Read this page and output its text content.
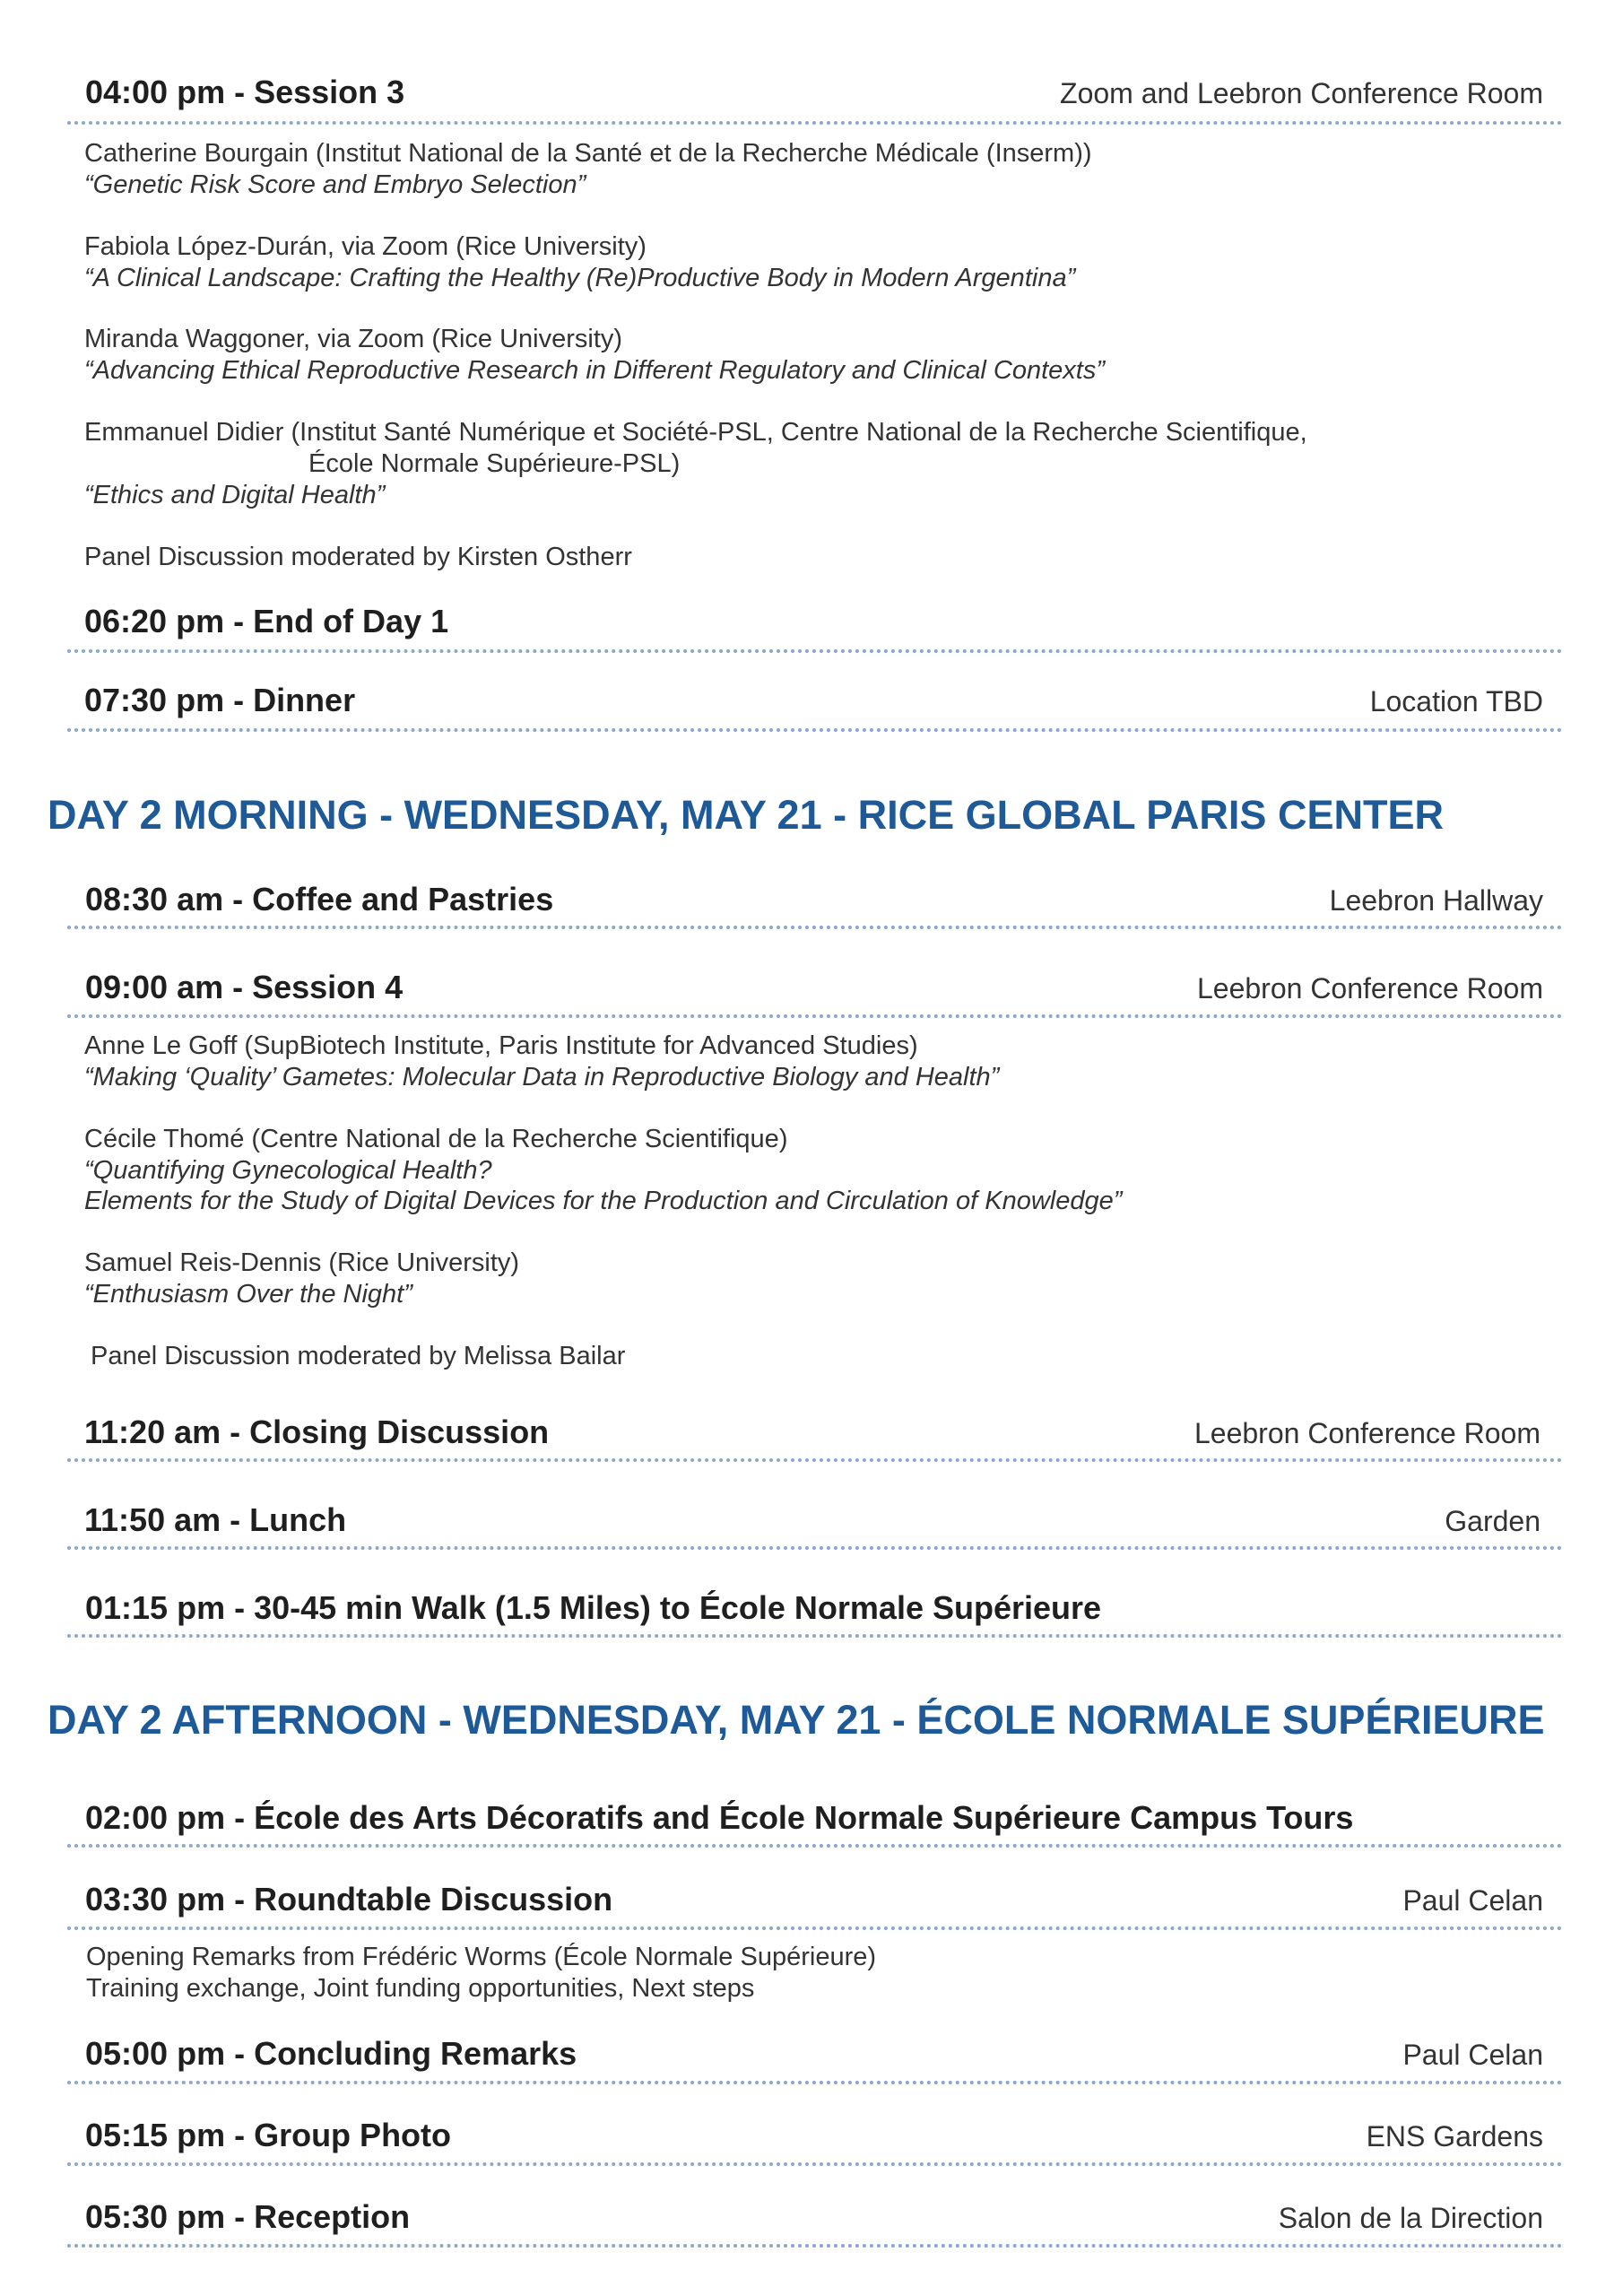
04:00 pm - Session 3	Zoom and Leebron Conference Room
Catherine Bourgain (Institut National de la Santé et de la Recherche Médicale (Inserm))
“Genetic Risk Score and Embryo Selection”
Fabiola López-Durán, via Zoom (Rice University)
“A Clinical Landscape: Crafting the Healthy (Re)Productive Body in Modern Argentina”
Miranda Waggoner, via Zoom (Rice University)
“Advancing Ethical Reproductive Research in Different Regulatory and Clinical Contexts”
Emmanuel Didier (Institut Santé Numérique et Société-PSL, Centre National de la Recherche Scientifique,
École Normale Supérieure-PSL)
“Ethics and Digital Health”
Panel Discussion moderated by Kirsten Ostherr
06:20 pm - End of Day 1
07:30 pm - Dinner	Location TBD
DAY 2 MORNING - WEDNESDAY, MAY 21 - RICE GLOBAL PARIS CENTER
08:30 am - Coffee and Pastries	Leebron Hallway
09:00 am - Session 4	Leebron Conference Room
Anne Le Goff (SupBiotech Institute, Paris Institute for Advanced Studies)
“Making ‘Quality’ Gametes: Molecular Data in Reproductive Biology and Health”
Cécile Thomé (Centre National de la Recherche Scientifique)
“Quantifying Gynecological Health?
Elements for the Study of Digital Devices for the Production and Circulation of Knowledge”
Samuel Reis-Dennis (Rice University)
“Enthusiasm Over the Night”
Panel Discussion moderated by Melissa Bailar
11:20 am - Closing Discussion	Leebron Conference Room
11:50 am - Lunch	Garden
01:15 pm - 30-45 min Walk (1.5 Miles) to École Normale Supérieure
DAY 2 AFTERNOON - WEDNESDAY, MAY 21 - ÉCOLE NORMALE SUPÉRIEURE
02:00 pm - École des Arts Décoratifs and École Normale Supérieure Campus Tours
03:30 pm - Roundtable Discussion	Paul Celan
Opening Remarks from Frédéric Worms (École Normale Supérieure)
Training exchange, Joint funding opportunities, Next steps
05:00 pm - Concluding Remarks	Paul Celan
05:15 pm - Group Photo	ENS Gardens
05:30 pm - Reception	Salon de la Direction
